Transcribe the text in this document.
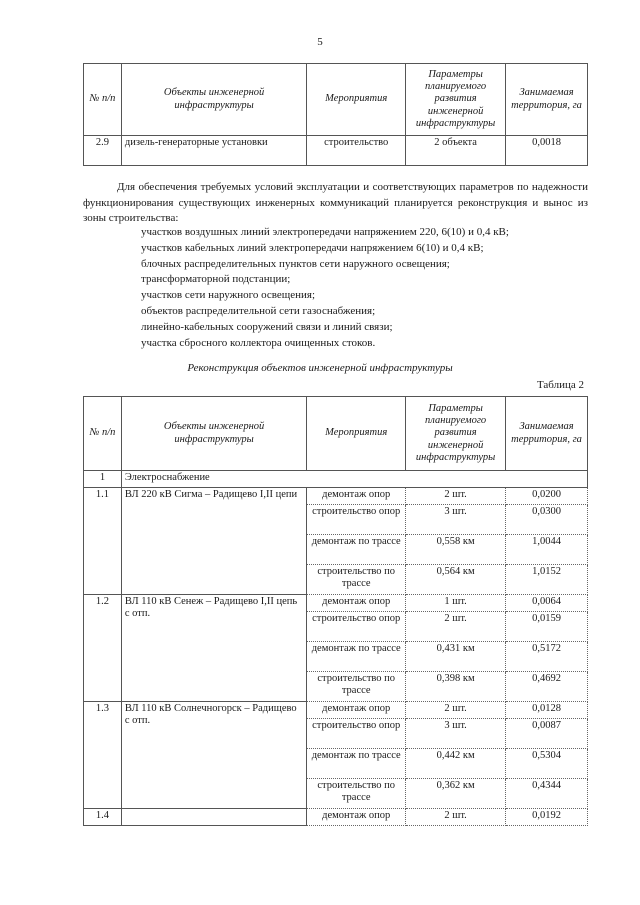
5
№ п/п	Объекты инженерной инфраструктуры	Мероприятия	Параметры планируемого развития инженерной инфраструктуры	Занимаемая территория, га
2.9	дизель-генераторные установки	строительство	2 объекта	0,0018
Для обеспечения требуемых условий эксплуатации и соответствующих параметров по надежности функционирования существующих инженерных коммуникаций планируется реконструкция и вынос из зоны строительства:
участков воздушных линий электропередачи напряжением 220, 6(10) и 0,4 кВ;
участков кабельных линий электропередачи напряжением 6(10) и 0,4 кВ;
блочных распределительных пунктов сети наружного освещения;
трансформаторной подстанции;
участков сети наружного освещения;
объектов распределительной сети газоснабжения;
линейно-кабельных сооружений связи и линий связи;
участка сбросного коллектора очищенных стоков.
Реконструкция объектов инженерной инфраструктуры
Таблица 2
№ п/п	Объекты инженерной инфраструктуры	Мероприятия	Параметры планируемого развития инженерной инфраструктуры	Занимаемая территория, га
1	Электроснабжение			
1.1	ВЛ 220 кВ Сигма – Радищево I,II цепи	демонтаж опор	2 шт.	0,0200
		строительство опор	3 шт.	0,0300
		демонтаж по трассе	0,558 км	1,0044
		строительство по трассе	0,564 км	1,0152
1.2	ВЛ 110 кВ Сенеж – Радищево I,II цепь с отп.	демонтаж опор	1 шт.	0,0064
		строительство опор	2 шт.	0,0159
		демонтаж по трассе	0,431 км	0,5172
		строительство по трассе	0,398 км	0,4692
1.3	ВЛ 110 кВ Солнечногорск – Радищево с отп.	демонтаж опор	2 шт.	0,0128
		строительство опор	3 шт.	0,0087
		демонтаж по трассе	0,442 км	0,5304
		строительство по трассе	0,362 км	0,4344
1.4		демонтаж опор	2 шт.	0,0192
